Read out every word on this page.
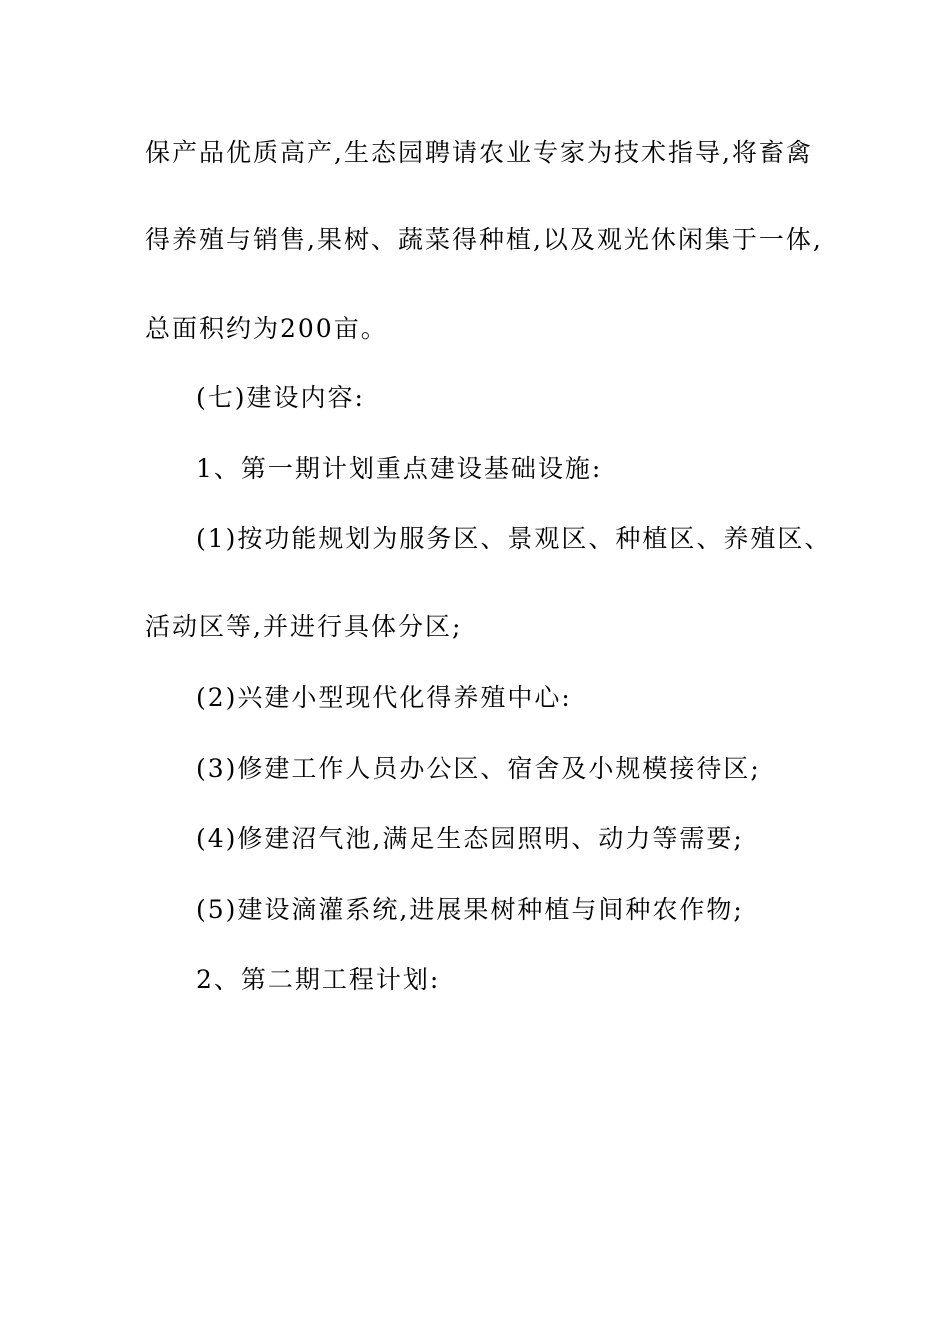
保产品优质高产,生态园聘请农业专家为技术指导,将畜禽
得养殖与销售,果树、蔬菜得种植,以及观光休闲集于一体,
总面积约为200亩。
(七)建设内容:
1、第一期计划重点建设基础设施:
(1)按功能规划为服务区、景观区、种植区、养殖区、
活动区等,并进行具体分区;
(2)兴建小型现代化得养殖中心:
(3)修建工作人员办公区、宿舍及小规模接待区;
(4)修建沼气池,满足生态园照明、动力等需要;
(5)建设滴灌系统,进展果树种植与间种农作物;
2、第二期工程计划:
